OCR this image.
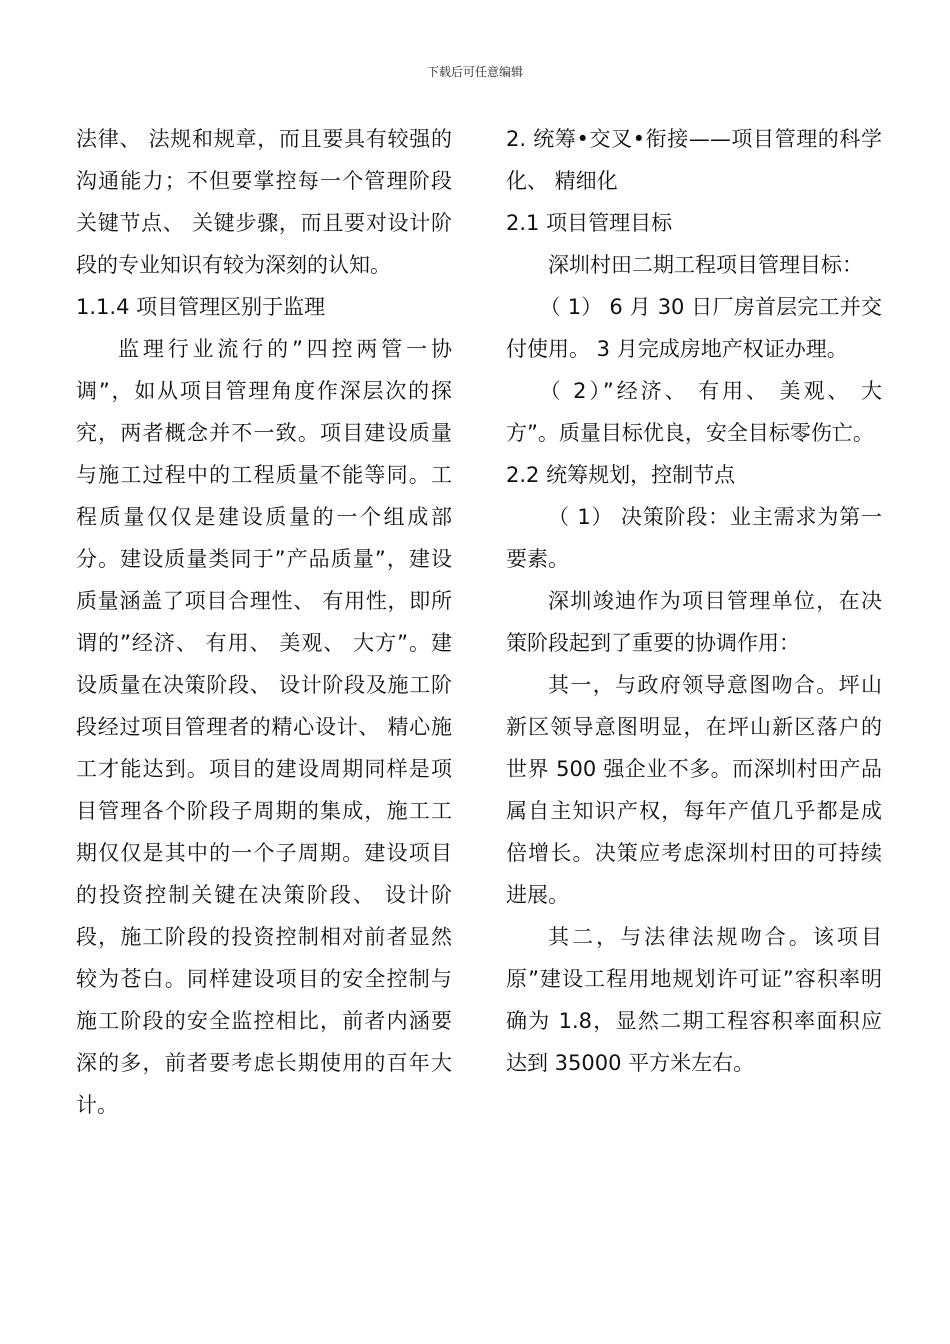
下载后可任意编辑

法律、 法规和规章，而且要具有较强的沟通能力；不但要掌控每一个管理阶段关键节点、 关键步骤，而且要对设计阶段的专业知识有较为深刻的认知。

1.1.4 项目管理区别于监理

监理行业流行的”四控两管一协调”，如从项目管理角度作深层次的探究，两者概念并不一致。项目建设质量与施工过程中的工程质量不能等同。工程质量仅仅是建设质量的一个组成部分。建设质量类同于”产品质量”，建设质量涵盖了项目合理性、 有用性，即所谓的”经济、 有用、 美观、 大方”。建设质量在决策阶段、 设计阶段及施工阶段经过项目管理者的精心设计、 精心施工才能达到。项目的建设周期同样是项目管理各个阶段子周期的集成，施工工期仅仅是其中的一个子周期。建设项目的投资控制关键在决策阶段、 设计阶段，施工阶段的投资控制相对前者显然较为苍白。同样建设项目的安全控制与施工阶段的安全监控相比，前者内涵要深的多，前者要考虑长期使用的百年大计。

2. 统筹•交叉•衔接——项目管理的科学化、 精细化

2.1 项目管理目标

深圳村田二期工程项目管理目标：

（ 1） 6 月 30 日厂房首层完工并交付使用。 3 月完成房地产权证办理。

（ 2）”经济、 有用、 美观、 大方”。质量目标优良，安全目标零伤亡。

2.2 统筹规划，控制节点

（ 1） 决策阶段：业主需求为第一要素。

深圳竣迪作为项目管理单位，在决策阶段起到了重要的协调作用：

其一，与政府领导意图吻合。坪山新区领导意图明显，在坪山新区落户的世界 500 强企业不多。而深圳村田产品属自主知识产权，每年产值几乎都是成倍增长。决策应考虑深圳村田的可持续进展。

其二，与法律法规吻合。该项目原”建设工程用地规划许可证”容积率明确为 1.8，显然二期工程容积率面积应达到 35000 平方米左右。
